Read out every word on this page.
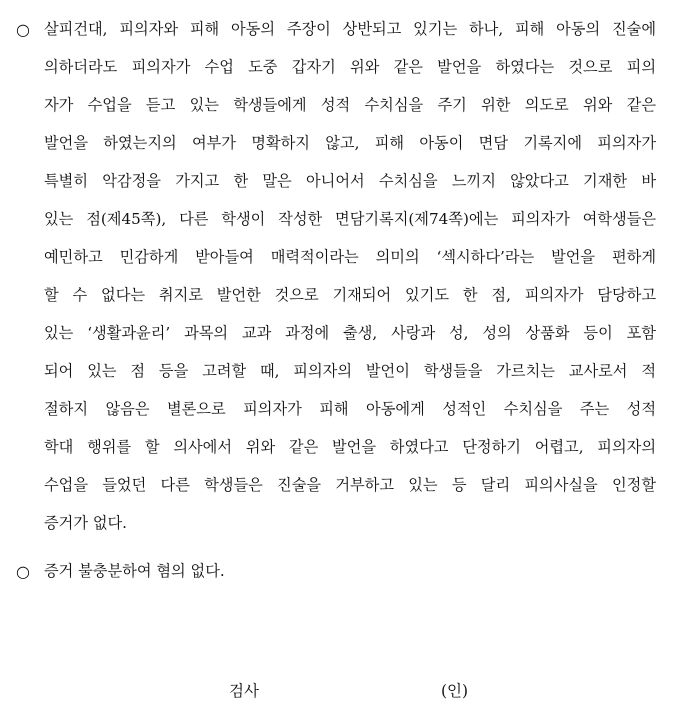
○ 살피건대, 피의자와 피해 아동의 주장이 상반되고 있기는 하나, 피해 아동의 진술에
의하더라도 피의자가 수업 도중 갑자기 위와 같은 발언을 하였다는 것으로 피의
자가 수업을 듣고 있는 학생들에게 성적 수치심을 주기 위한 의도로 위와 같은
발언을 하였는지의 여부가 명확하지 않고, 피해 아동이 면담 기록지에 피의자가
특별히 악감정을 가지고 한 말은 아니어서 수치심을 느끼지 않았다고 기재한 바
있는 점(제45쪽), 다른 학생이 작성한 면담기록지(제74쪽)에는 피의자가 여학생들은
예민하고 민감하게 받아들여 매력적이라는 의미의 ‘섹시하다’라는 발언을 편하게
할 수 없다는 취지로 발언한 것으로 기재되어 있기도 한 점, 피의자가 담당하고
있는 ‘생활과윤리’ 과목의 교과 과정에 출생, 사랑과 성, 성의 상품화 등이 포함
되어 있는 점 등을 고려할 때, 피의자의 발언이 학생들을 가르치는 교사로서 적
절하지 않음은 별론으로 피의자가 피해 아동에게 성적인 수치심을 주는 성적
학대 행위를 할 의사에서 위와 같은 발언을 하였다고 단정하기 어렵고, 피의자의
수업을 들었던 다른 학생들은 진술을 거부하고 있는 등 달리 피의사실을 인정할
증거가 없다.
○ 증거 불충분하여 혐의 없다.
검사	(인)
